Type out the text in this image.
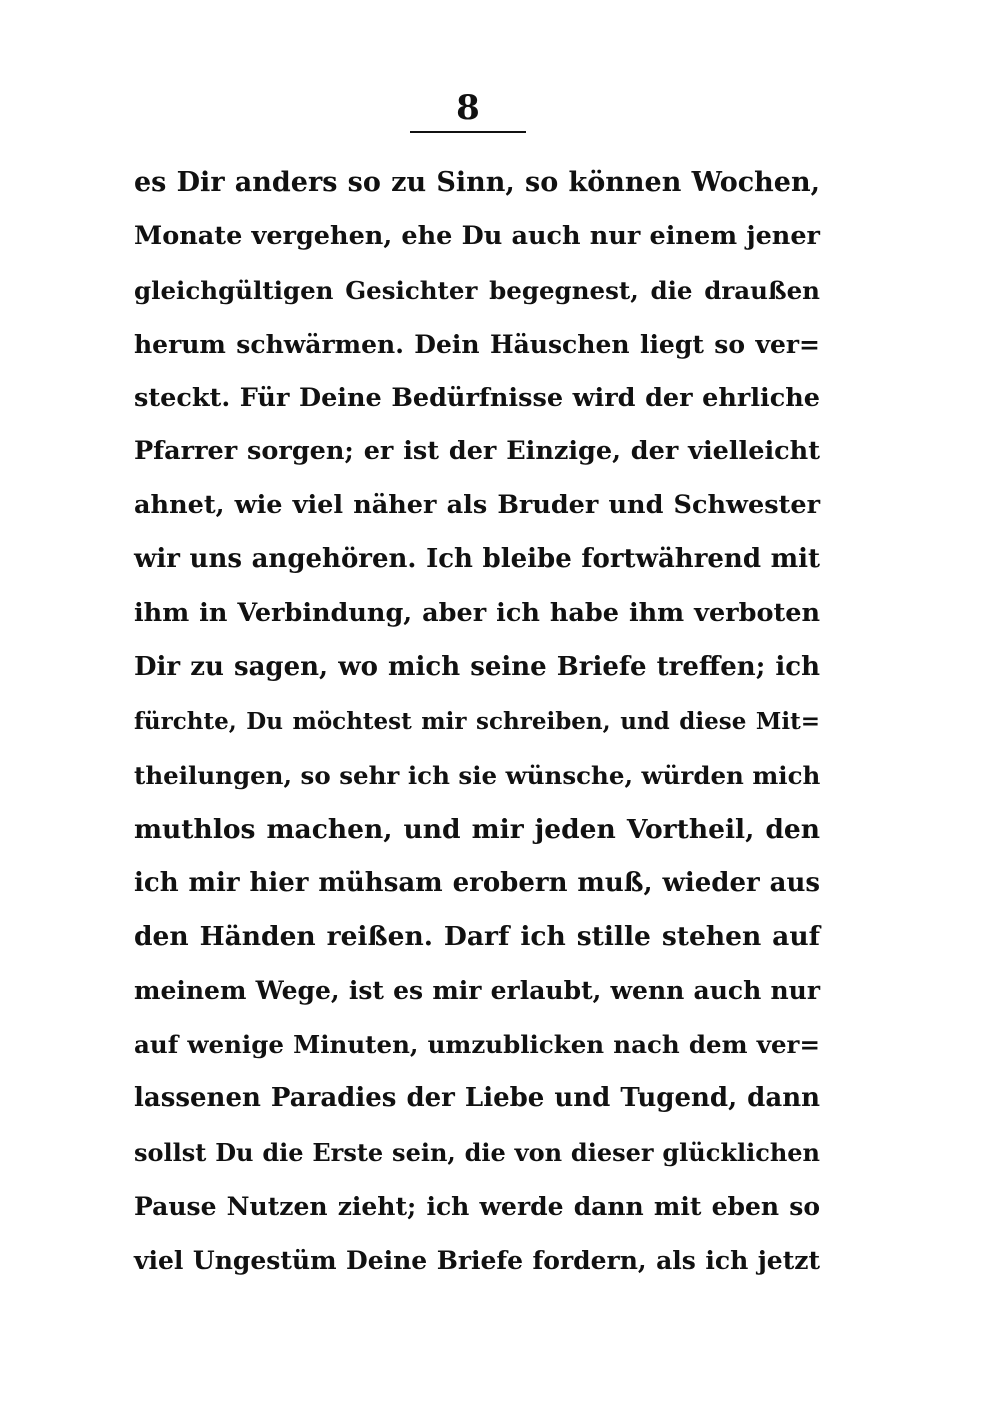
8
es Dir anders so zu Sinn, so können Wochen,
Monate vergehen, ehe Du auch nur einem jener
gleichgültigen Gesichter begegnest, die draußen
herum schwärmen. Dein Häuschen liegt so ver=
steckt. Für Deine Bedürfnisse wird der ehrliche
Pfarrer sorgen; er ist der Einzige, der vielleicht
ahnet, wie viel näher als Bruder und Schwester
wir uns angehören. Ich bleibe fortwährend mit
ihm in Verbindung, aber ich habe ihm verboten
Dir zu sagen, wo mich seine Briefe treffen; ich
fürchte, Du möchtest mir schreiben, und diese Mit=
theilungen, so sehr ich sie wünsche, würden mich
muthlos machen, und mir jeden Vortheil, den
ich mir hier mühsam erobern muß, wieder aus
den Händen reißen. Darf ich stille stehen auf
meinem Wege, ist es mir erlaubt, wenn auch nur
auf wenige Minuten, umzublicken nach dem ver=
lassenen Paradies der Liebe und Tugend, dann
sollst Du die Erste sein, die von dieser glücklichen
Pause Nutzen zieht; ich werde dann mit eben so
viel Ungestüm Deine Briefe fordern, als ich jetzt
